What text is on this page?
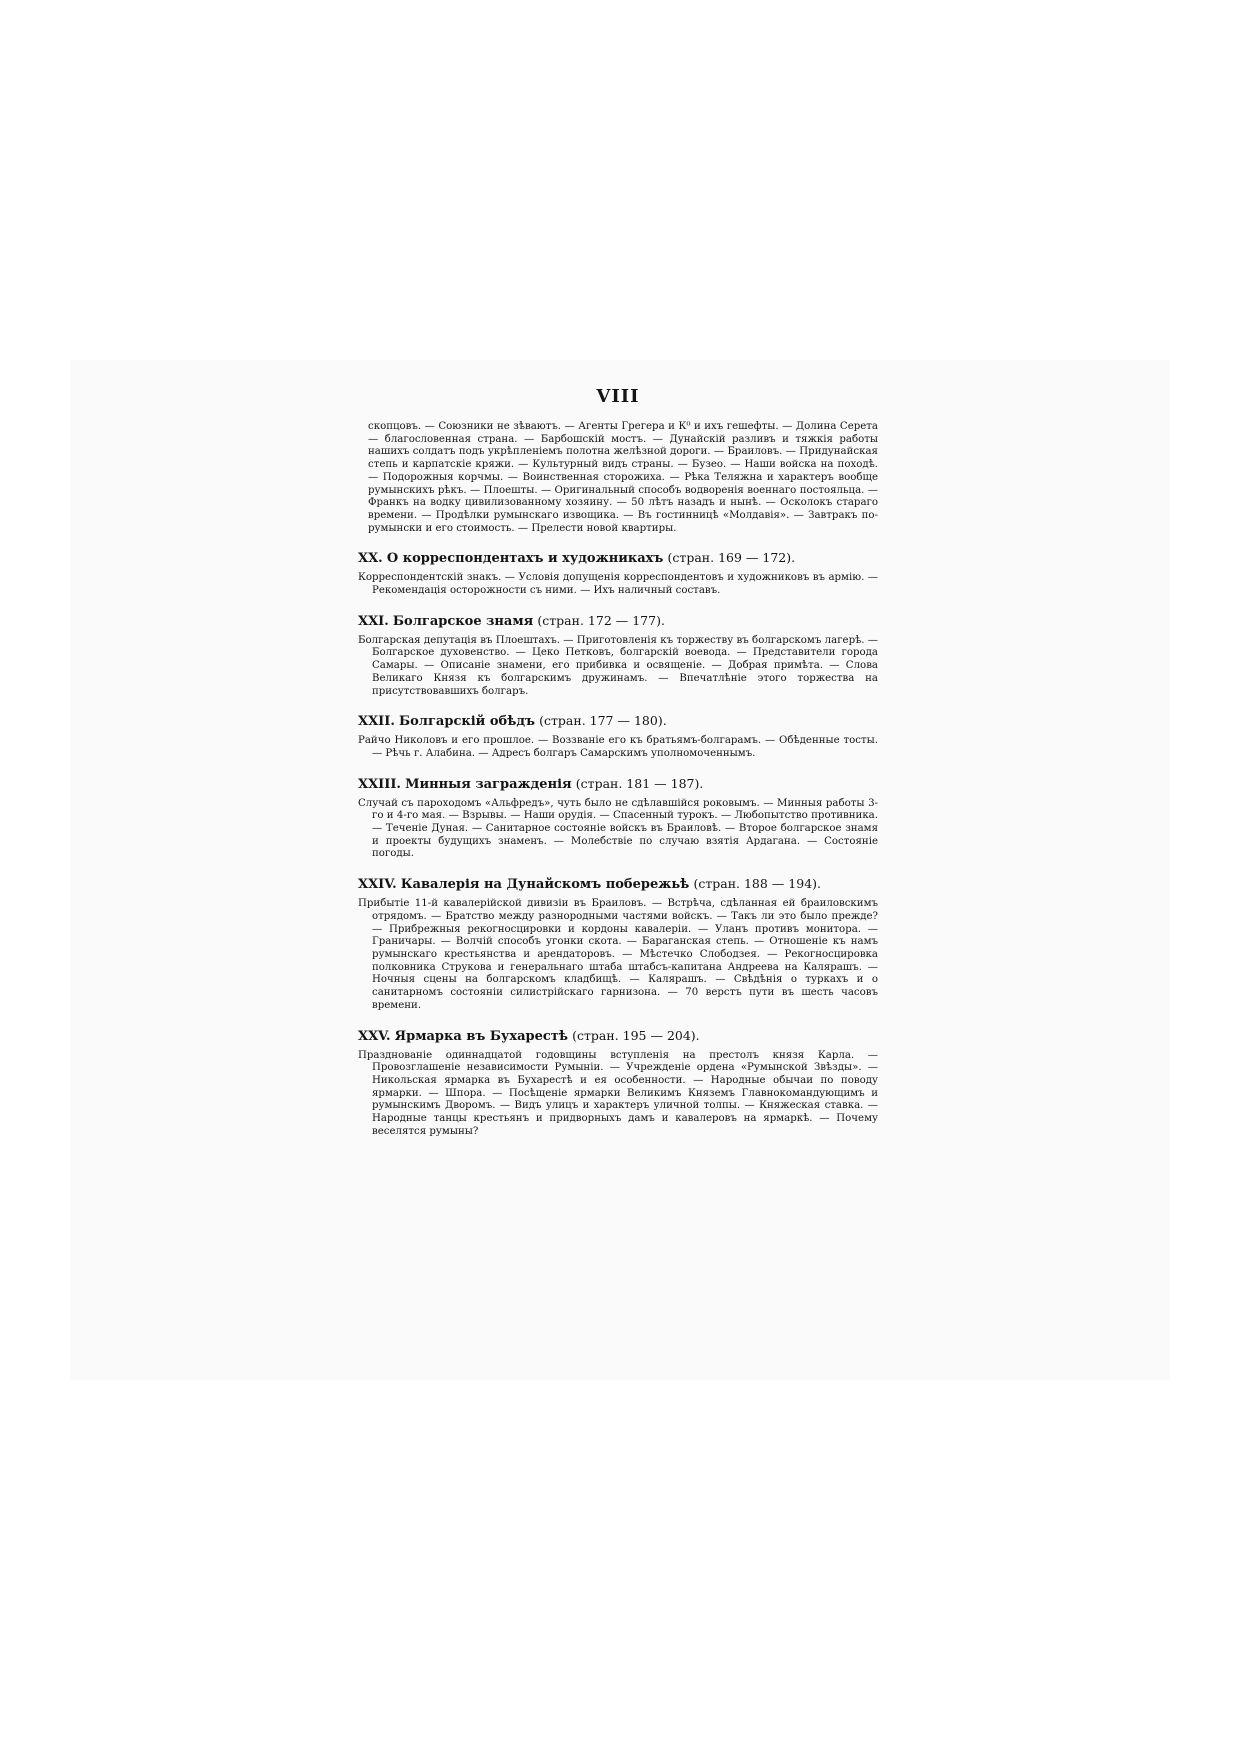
VIII

скопцовъ. — Союзники не зѣваютъ. — Агенты Грегера и К⁰ и ихъ гешефты. — Долина Серета — благословенная страна. — Барбошскій мостъ. — Дунайскій разливъ и тяжкія работы нашихъ солдатъ подъ укрѣпленіемъ полотна желѣзной дороги. — Браиловъ. — Придунайская степь и карпатскіе кряжи. — Культурный видъ страны. — Бузео. — Наши войска на походѣ. — Подорожныя корчмы. — Воинственная сторожиха. — Рѣка Теляжна и характеръ вообще румынскихъ рѣкъ. — Плоешты. — Оригинальный способъ водворенія военнаго постояльца. — Франкъ на водку цивилизованному хозяину. — 50 лѣтъ назадъ и нынѣ. — Осколокъ стараго времени. — Продѣлки румынскаго извощика. — Въ гостинницѣ «Молдавія». — Завтракъ по-румынски и его стоимость. — Прелести новой квартиры.

XX. О корреспондентахъ и художникахъ (стран. 169 — 172).

Корреспондентскій знакъ. — Условія допущенія корреспондентовъ и художниковъ въ армію. — Рекомендація осторожности съ ними. — Ихъ наличный составъ.

XXI. Болгарское знамя (стран. 172 — 177).

Болгарская депутація въ Плоештахъ. — Приготовленія къ торжеству въ болгарскомъ лагерѣ. — Болгарское духовенство. — Цеко Петковъ, болгарскій воевода. — Представители города Самары. — Описаніе знамени, его прибивка и освященіе. — Добрая примѣта. — Слова Великаго Князя къ болгарскимъ дружинамъ. — Впечатлѣніе этого торжества на присутствовавшихъ болгаръ.

XXII. Болгарскій обѣдъ (стран. 177 — 180).

Райчо Николовъ и его прошлое. — Воззваніе его къ братьямъ-болгарамъ. — Обѣденные тосты. — Рѣчь г. Алабина. — Адресъ болгаръ Самарскимъ уполномоченнымъ.

XXIII. Минныя загражденія (стран. 181 — 187).

Случай съ пароходомъ «Альфредъ», чуть было не сдѣлавшійся роковымъ. — Минныя работы 3-го и 4-го мая. — Взрывы. — Наши орудія. — Спасенный турокъ. — Любопытство противника. — Теченіе Дуная. — Санитарное состояніе войскъ въ Браиловѣ. — Второе болгарское знамя и проекты будущихъ знаменъ. — Молебствіе по случаю взятія Ардагана. — Состояніе погоды.

XXIV. Кавалерія на Дунайскомъ побережьѣ (стран. 188 — 194).

Прибытіе 11-й кавалерійской дивизіи въ Браиловъ. — Встрѣча, сдѣланная ей браиловскимъ отрядомъ. — Братство между разнородными частями войскъ. — Такъ ли это было прежде? — Прибрежныя рекогносцировки и кордоны кавалеріи. — Уланъ противъ монитора. — Граничары. — Волчій способъ угонки скота. — Бараганская степь. — Отношеніе къ намъ румынскаго крестьянства и арендаторовъ. — Мѣстечко Слободзея. — Рекогносцировка полковника Струкова и генеральнаго штаба штабсъ-капитана Андреева на Калярашъ. — Ночныя сцены на болгарскомъ кладбищѣ. — Калярашъ. — Свѣдѣнія о туркахъ и о санитарномъ состояніи силистрійскаго гарнизона. — 70 верстъ пути въ шесть часовъ времени.

XXV. Ярмарка въ Бухарестѣ (стран. 195 — 204).

Празднованіе одиннадцатой годовщины вступленія на престолъ князя Карла. — Провозглашеніе независимости Румыніи. — Учрежденіе ордена «Румынской Звѣзды». — Никольская ярмарка въ Бухарестѣ и ея особенности. — Народные обычаи по поводу ярмарки. — Шпора. — Посѣщеніе ярмарки Великимъ Княземъ Главнокомандующимъ и румынскимъ Дворомъ. — Видъ улицъ и характеръ уличной толпы. — Княжеская ставка. — Народные танцы крестьянъ и придворныхъ дамъ и кавалеровъ на ярмаркѣ. — Почему веселятся румыны?
